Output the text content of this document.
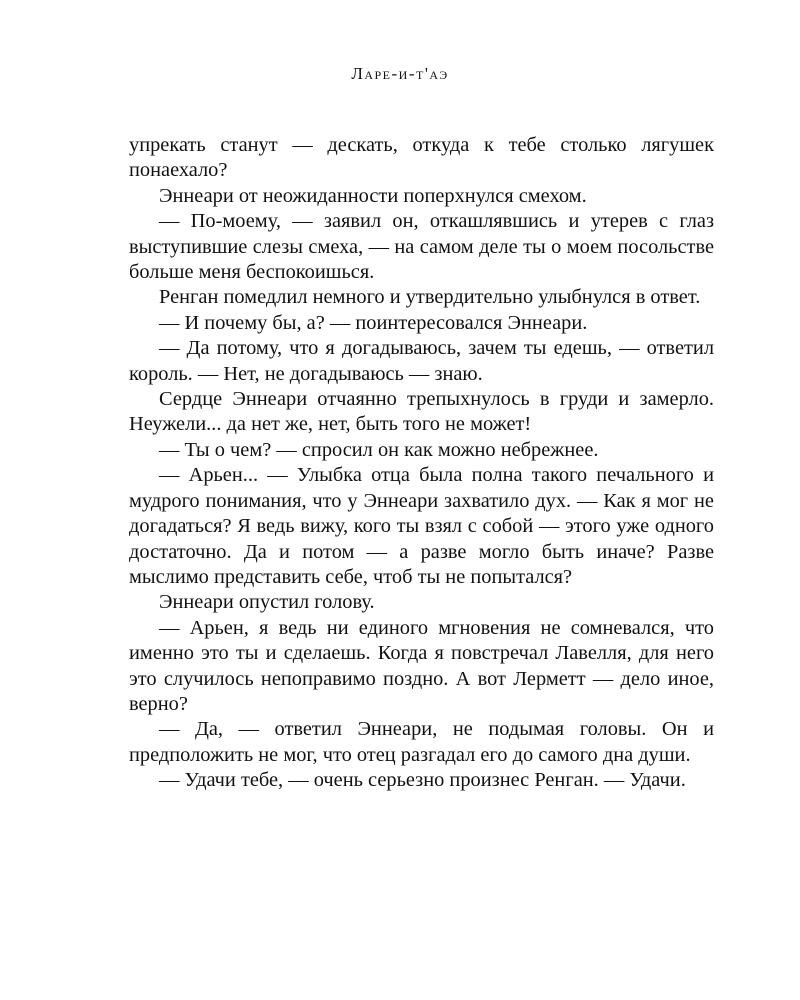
Ларе-и-т'аэ

упрекать станут — дескать, откуда к тебе столько лягушек понаехало?

Эннеари от неожиданности поперхнулся смехом.

— По-моему, — заявил он, откашлявшись и утерев с глаз выступившие слезы смеха, — на самом деле ты о моем посольстве больше меня беспокоишься.

Ренган помедлил немного и утвердительно улыбнулся в ответ.

— И почему бы, а? — поинтересовался Эннеари.

— Да потому, что я догадываюсь, зачем ты едешь, — ответил король. — Нет, не догадываюсь — знаю.

Сердце Эннеари отчаянно трепыхнулось в груди и замерло. Неужели... да нет же, нет, быть того не может!

— Ты о чем? — спросил он как можно небрежнее.

— Арьен... — Улыбка отца была полна такого печального и мудрого понимания, что у Эннеари захватило дух. — Как я мог не догадаться? Я ведь вижу, кого ты взял с собой — этого уже одного достаточно. Да и потом — а разве могло быть иначе? Разве мыслимо представить себе, чтоб ты не попытался?

Эннеари опустил голову.

— Арьен, я ведь ни единого мгновения не сомневался, что именно это ты и сделаешь. Когда я повстречал Лавелля, для него это случилось непоправимо поздно. А вот Лерметт — дело иное, верно?

— Да, — ответил Эннеари, не подымая головы. Он и предположить не мог, что отец разгадал его до самого дна души.

— Удачи тебе, — очень серьезно произнес Ренган. — Удачи.
